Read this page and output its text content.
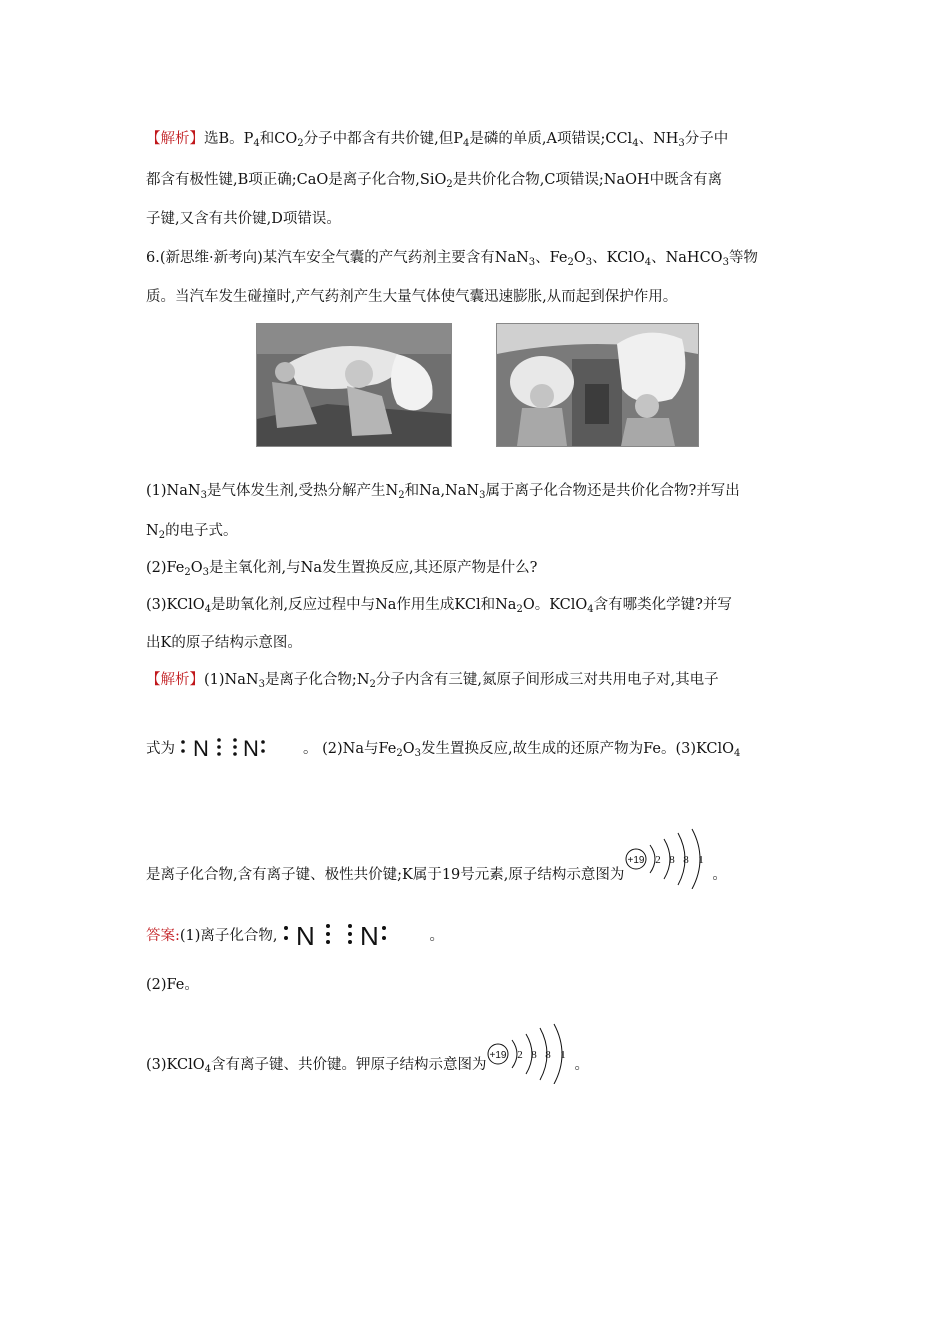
【解析】选B。$P_4$和$CO_2$分子中都含有共价键,但$P_4$是磷的单质,A项错误;CCl$_4$、$NH_3$分子中
都含有极性键,B项正确;CaO是离子化合物,SiO$_2$是共价化合物,C项错误;NaOH中既含有离
子键,又含有共价键,D项错误。
6.(新思维·新考向)某汽车安全气囊的产气药剂主要含有NaN$_3$、$Fe_2O_3$、KClO$_4$、NaHCO$_3$等物
质。当汽车发生碰撞时,产气药剂产生大量气体使气囊迅速膨胀,从而起到保护作用。
(1)NaN$_3$是气体发生剂,受热分解产生$N_2$和Na,NaN$_3$属于离子化合物还是共价化合物?并写出
$N_2$的电子式。
$(2)Fe_2O_3$是主氧化剂,与Na发生置换反应,其还原产物是什么?
(3)KClO$_4$是助氧化剂,反应过程中与Na作用生成KCl和$Na_2O$。KClO$_4$含有哪类化学键?并写
出K的原子结构示意图。
【解析】(1)NaN$_3$是离子化合物$;N_2$分子内含有三键,氮原子间形成三对共用电子对,其电子
式为 N N	。 (2)Na与$Fe_2O_3$发生置换反应,故生成的还原产物为Fe。(3)KClO$_4$
是离子化合物,含有离子键、极性共价键;K属于19号元素,原子结构示意图为
+19 2 8 8 1
。
答案:(1)离子化合物, N N	。
(2)Fe。
(3)KClO$_4$含有离子键、共价键。钾原子结构示意图为
+19 2 8 8 1
。
